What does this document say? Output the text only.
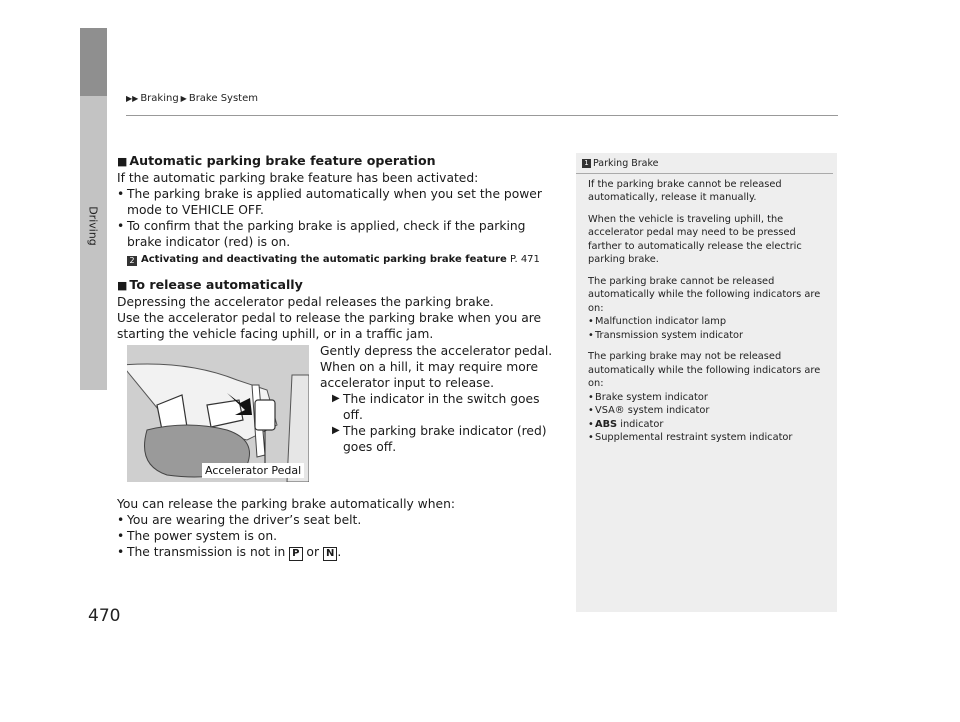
Driving
▶▶ Braking ▶ Brake System
■ Automatic parking brake feature operation

If the automatic parking brake feature has been activated:

• The parking brake is applied automatically when you set the power mode to VEHICLE OFF.
• To confirm that the parking brake is applied, check if the parking brake indicator (red) is on.
2 Activating and deactivating the automatic parking brake feature P. 471
■ To release automatically

Depressing the accelerator pedal releases the parking brake.

Use the accelerator pedal to release the parking brake when you are starting the vehicle facing uphill, or in a traffic jam.

Accelerator Pedal

Gently depress the accelerator pedal.

When on a hill, it may require more accelerator input to release.

▶ The indicator in the switch goes off.
▶ The parking brake indicator (red) goes off.

You can release the parking brake automatically when:

• You are wearing the driver’s seat belt.
• The power system is on.
• The transmission is not in P or N .
1 Parking Brake

If the parking brake cannot be released automatically, release it manually.

When the vehicle is traveling uphill, the accelerator pedal may need to be pressed farther to automatically release the electric parking brake.

The parking brake cannot be released automatically while the following indicators are on:

• Malfunction indicator lamp
• Transmission system indicator

The parking brake may not be released automatically while the following indicators are on:

• Brake system indicator
• VSA® system indicator
• ABS indicator
• Supplemental restraint system indicator
470
